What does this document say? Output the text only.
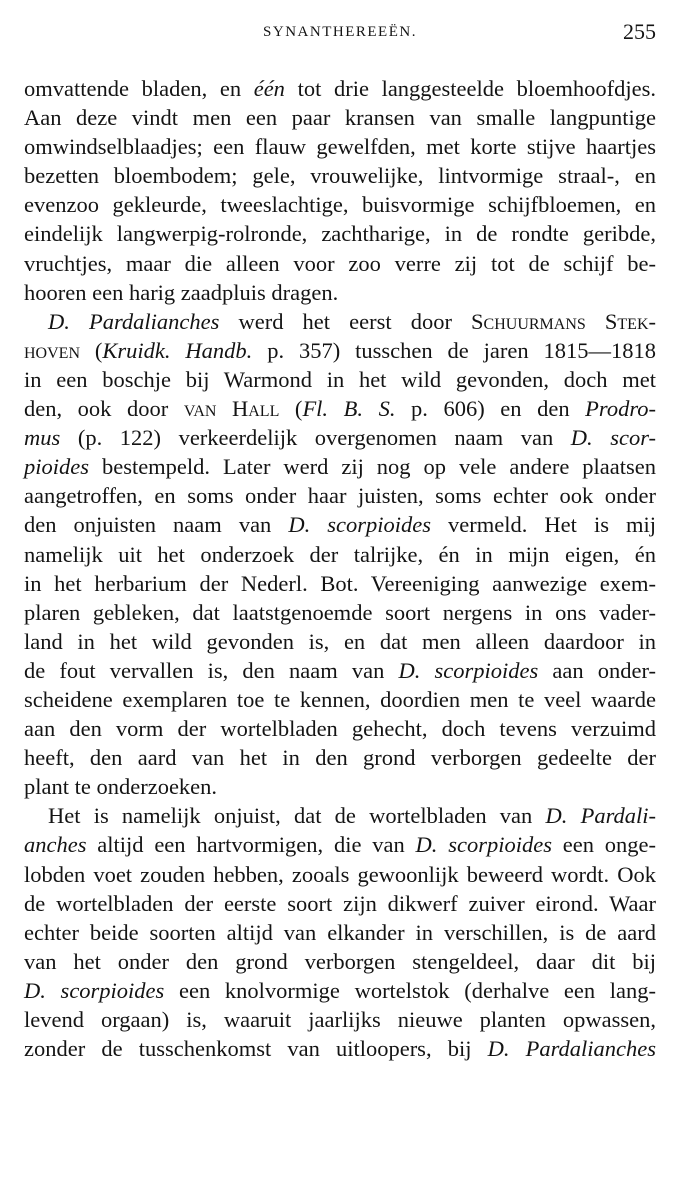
SYNANTHEREEËN.	255
omvattende bladen, en één tot drie langgesteelde bloemhoofdjes.
Aan deze vindt men een paar kransen van smalle langpuntige
omwindselblaadjes; een flauw gewelfden, met korte stijve haartjes
bezetten bloembodem; gele, vrouwelijke, lintvormige straal-, en
evenzoo gekleurde, tweeslachtige, buisvormige schijfbloemen, en
eindelijk langwerpig-rolronde, zachtharige, in de rondte geribde,
vruchtjes, maar die alleen voor zoo verre zij tot de schijf be-
hooren een harig zaadpluis dragen.
D. Pardalianches werd het eerst door Schuurmans Stek-
hoven (Kruidk. Handb. p. 357) tusschen de jaren 1815—1818
in een boschje bij Warmond in het wild gevonden, doch met
den, ook door van Hall (Fl. B. S. p. 606) en den Prodro-
mus (p. 122) verkeerdelijk overgenomen naam van D. scor-
pioides bestempeld. Later werd zij nog op vele andere plaatsen
aangetroffen, en soms onder haar juisten, soms echter ook onder
den onjuisten naam van D. scorpioides vermeld. Het is mij
namelijk uit het onderzoek der talrijke, én in mijn eigen, én
in het herbarium der Nederl. Bot. Vereeniging aanwezige exem-
plaren gebleken, dat laatstgenoemde soort nergens in ons vader-
land in het wild gevonden is, en dat men alleen daardoor in
de fout vervallen is, den naam van D. scorpioides aan onder-
scheidene exemplaren toe te kennen, doordien men te veel waarde
aan den vorm der wortelbladen gehecht, doch tevens verzuimd
heeft, den aard van het in den grond verborgen gedeelte der
plant te onderzoeken.
Het is namelijk onjuist, dat de wortelbladen van D. Pardali-
anches altijd een hartvormigen, die van D. scorpioides een onge-
lobden voet zouden hebben, zooals gewoonlijk beweerd wordt. Ook
de wortelbladen der eerste soort zijn dikwerf zuiver eirond. Waar
echter beide soorten altijd van elkander in verschillen, is de aard
van het onder den grond verborgen stengeldeel, daar dit bij
D. scorpioides een knolvormige wortelstok (derhalve een lang-
levend orgaan) is, waaruit jaarlijks nieuwe planten opwassen,
zonder de tusschenkomst van uitloopers, bij D. Pardalianches
